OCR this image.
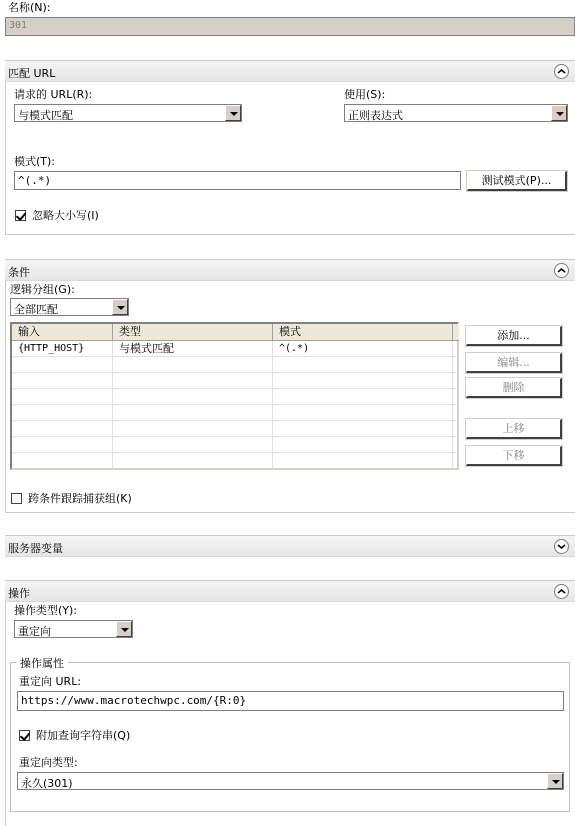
名称(N):
301
匹配 URL
请求的 URL(R):
与模式匹配
使用(S):
正则表达式
模式(T):
^(.*)	测试模式(P)...
忽略大小写(I)
条件
逻辑分组(G):
全部匹配
输入	类型	模式
{HTTP_HOST}	与模式匹配	^(.*)
添加...
编辑...
删除
上移
下移
跨条件跟踪捕获组(K)
服务器变量
操作
操作类型(Y):
重定向
操作属性
重定向 URL:
https://www.macrotechwpc.com/{R:0}
附加查询字符串(Q)
重定向类型:
永久(301)
